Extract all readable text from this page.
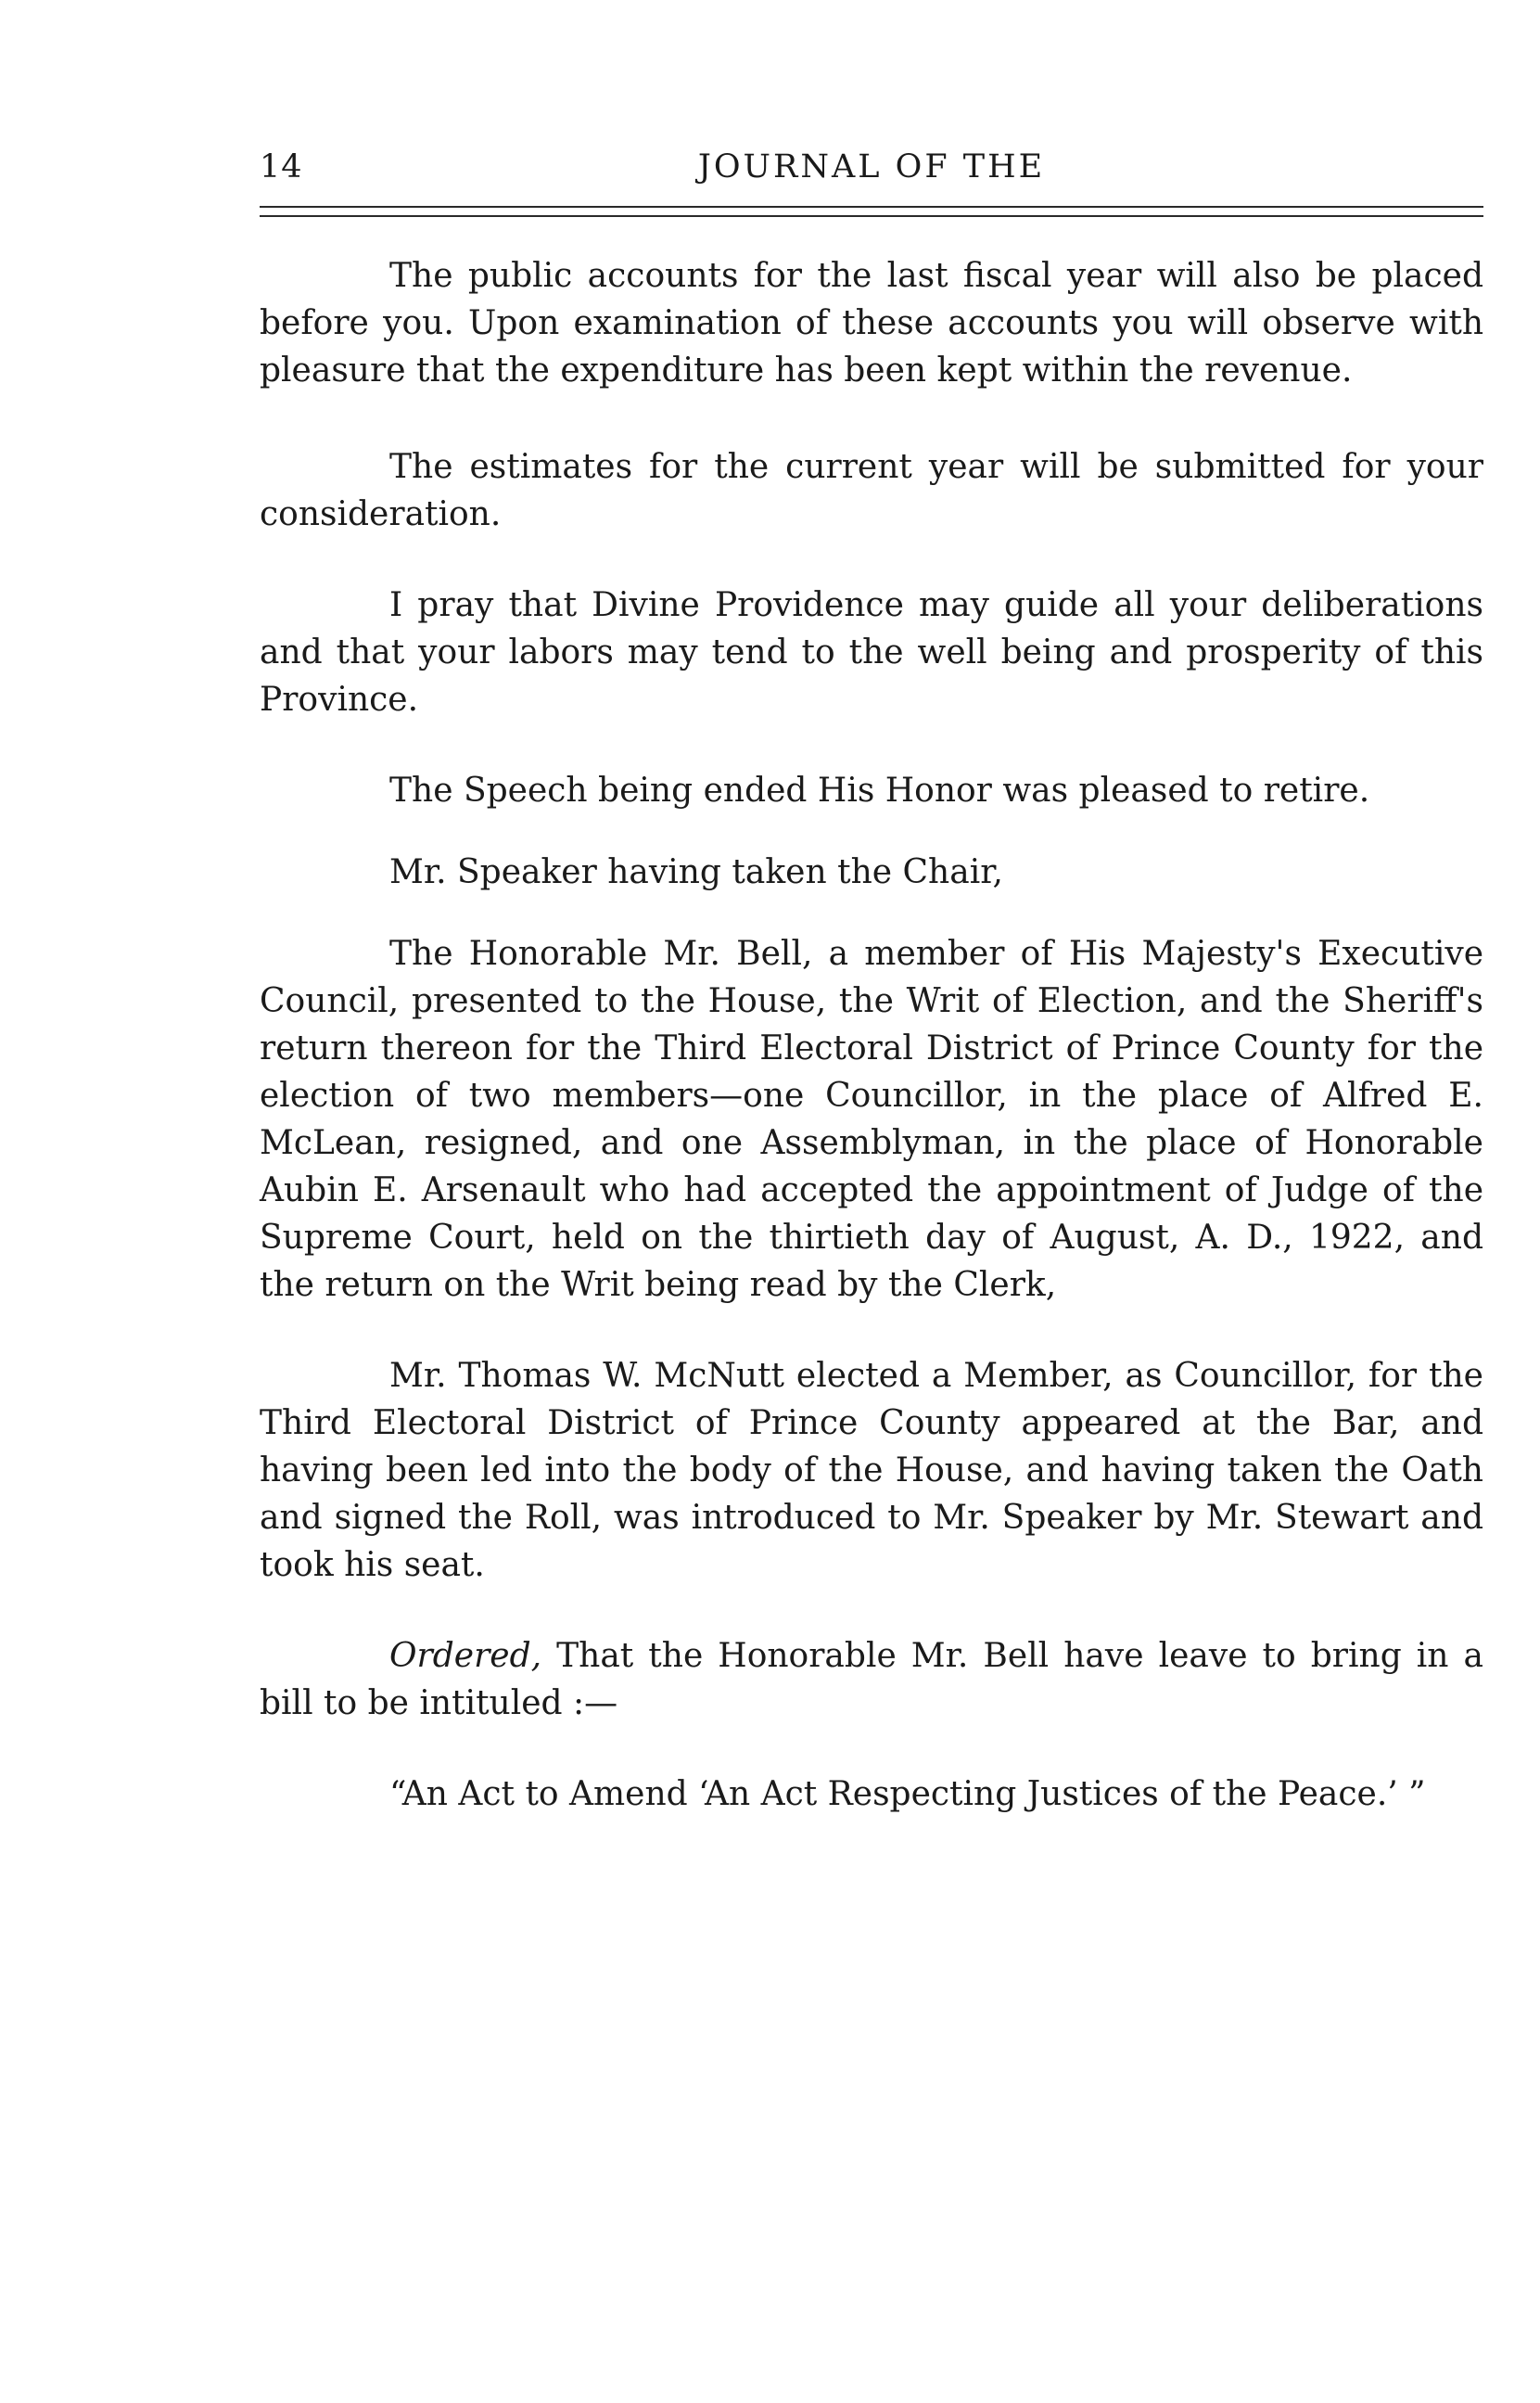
14	JOURNAL OF THE

The public accounts for the last fiscal year will also be placed before you. Upon examination of these accounts you will observe with pleasure that the expenditure has been kept within the revenue.

The estimates for the current year will be submitted for your consideration.

I pray that Divine Providence may guide all your deliberations and that your labors may tend to the well being and prosperity of this Province.

The Speech being ended His Honor was pleased to retire.

Mr. Speaker having taken the Chair,

The Honorable Mr. Bell, a member of His Majesty's Executive Council, presented to the House, the Writ of Election, and the Sheriff's return thereon for the Third Electoral District of Prince County for the election of two members—one Councillor, in the place of Alfred E. McLean, resigned, and one Assemblyman, in the place of Honorable Aubin E. Arsenault who had accepted the appointment of Judge of the Supreme Court, held on the thirtieth day of August, A. D., 1922, and the return on the Writ being read by the Clerk,

Mr. Thomas W. McNutt elected a Member, as Councillor, for the Third Electoral District of Prince County appeared at the Bar, and having been led into the body of the House, and having taken the Oath and signed the Roll, was introduced to Mr. Speaker by Mr. Stewart and took his seat.

Ordered, That the Honorable Mr. Bell have leave to bring in a bill to be intituled :—

“An Act to Amend ‘An Act Respecting Justices of the Peace.’ ”
